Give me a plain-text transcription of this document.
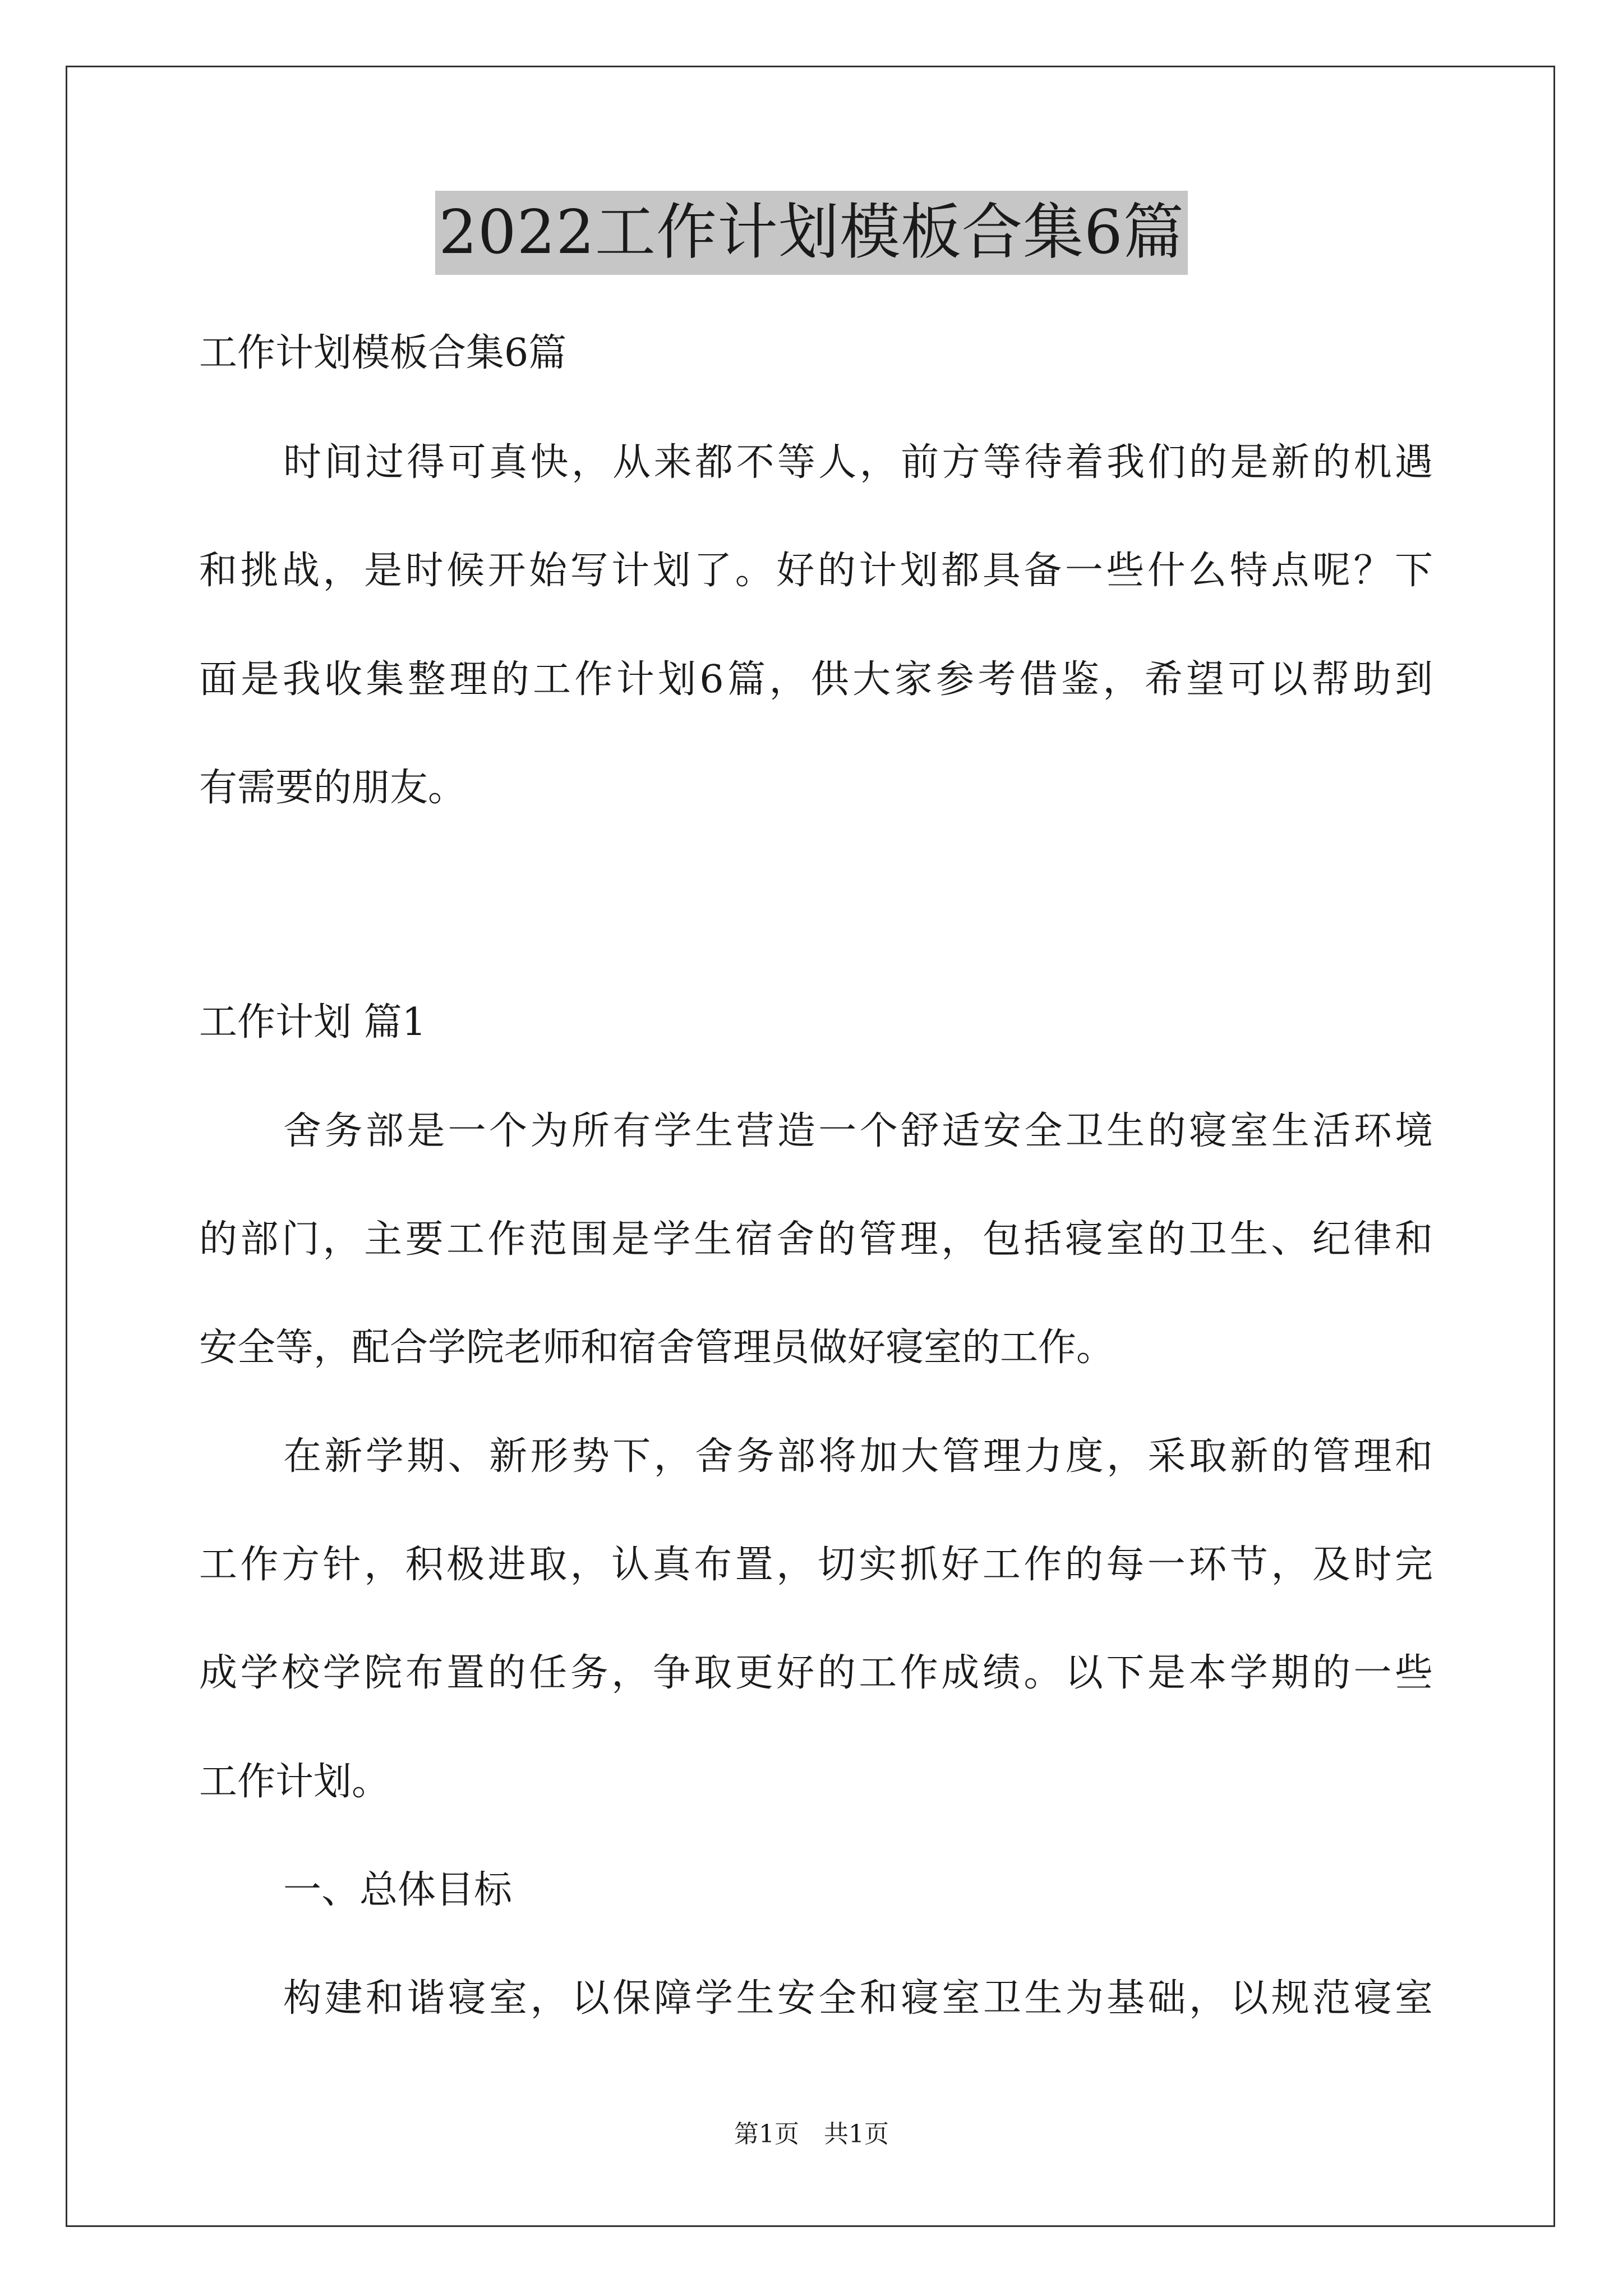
2022工作计划模板合集6篇
工作计划模板合集6篇
时间过得可真快，从来都不等人，前方等待着我们的是新的机遇
和挑战，是时候开始写计划了。好的计划都具备一些什么特点呢？下
面是我收集整理的工作计划6篇，供大家参考借鉴，希望可以帮助到
有需要的朋友。
工作计划 篇1
舍务部是一个为所有学生营造一个舒适安全卫生的寝室生活环境
的部门，主要工作范围是学生宿舍的管理，包括寝室的卫生、纪律和
安全等，配合学院老师和宿舍管理员做好寝室的工作。
在新学期、新形势下，舍务部将加大管理力度，采取新的管理和
工作方针，积极进取，认真布置，切实抓好工作的每一环节，及时完
成学校学院布置的任务，争取更好的工作成绩。以下是本学期的一些
工作计划。
一、总体目标
构建和谐寝室，以保障学生安全和寝室卫生为基础，以规范寝室
第1页　共1页
